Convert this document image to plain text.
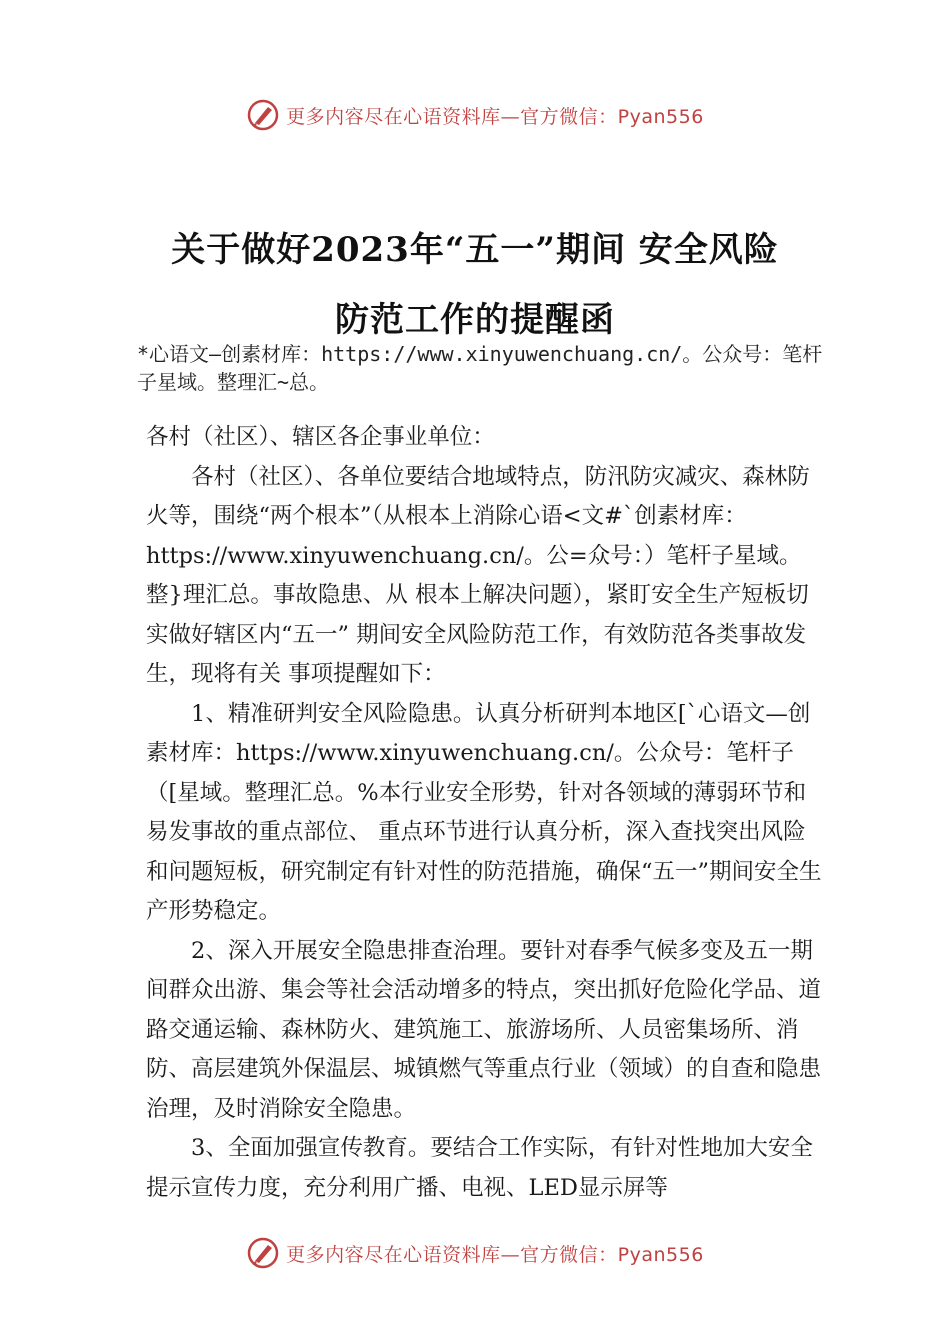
更多内容尽在心语资料库—官方微信：Pyan556
关于做好2023年“五一”期间 安全风险
防范工作的提醒函
*心语文—创素材库：https://www.xinyuwenchuang.cn/。公众号：笔杆子星域。整理汇~总。

各村（社区）、辖区各企事业单位：

各村（社区）、各单位要结合地域特点，防汛防灾减灾、森林防火等，围绕“两个根本”（从根本上消除心语<文#`创素材库：https://www.xinyuwenchuang.cn/。公=众号：）笔杆子星域。整}理汇总。事故隐患、从 根本上解决问题），紧盯安全生产短板切实做好辖区内“五一” 期间安全风险防范工作，有效防范各类事故发生，现将有关 事项提醒如下：

1、精准研判安全风险隐患。认真分析研判本地区[`心语文—创素材库：https://www.xinyuwenchuang.cn/。公众号：笔杆子（[星域。整理汇总。%本行业安全形势，针对各领域的薄弱环节和易发事故的重点部位、 重点环节进行认真分析，深入查找突出风险和问题短板，研究制定有针对性的防范措施，确保“五一”期间安全生产形势稳定。

2、深入开展安全隐患排查治理。要针对春季气候多变及五一期间群众出游、集会等社会活动增多的特点，突出抓好危险化学品、道路交通运输、森林防火、建筑施工、旅游场所、人员密集场所、消防、高层建筑外保温层、城镇燃气等重点行业（领域）的自查和隐患治理，及时消除安全隐患。

3、全面加强宣传教育。要结合工作实际，有针对性地加大安全提示宣传力度，充分利用广播、电视、LED显示屏等

更多内容尽在心语资料库—官方微信：Pyan556
